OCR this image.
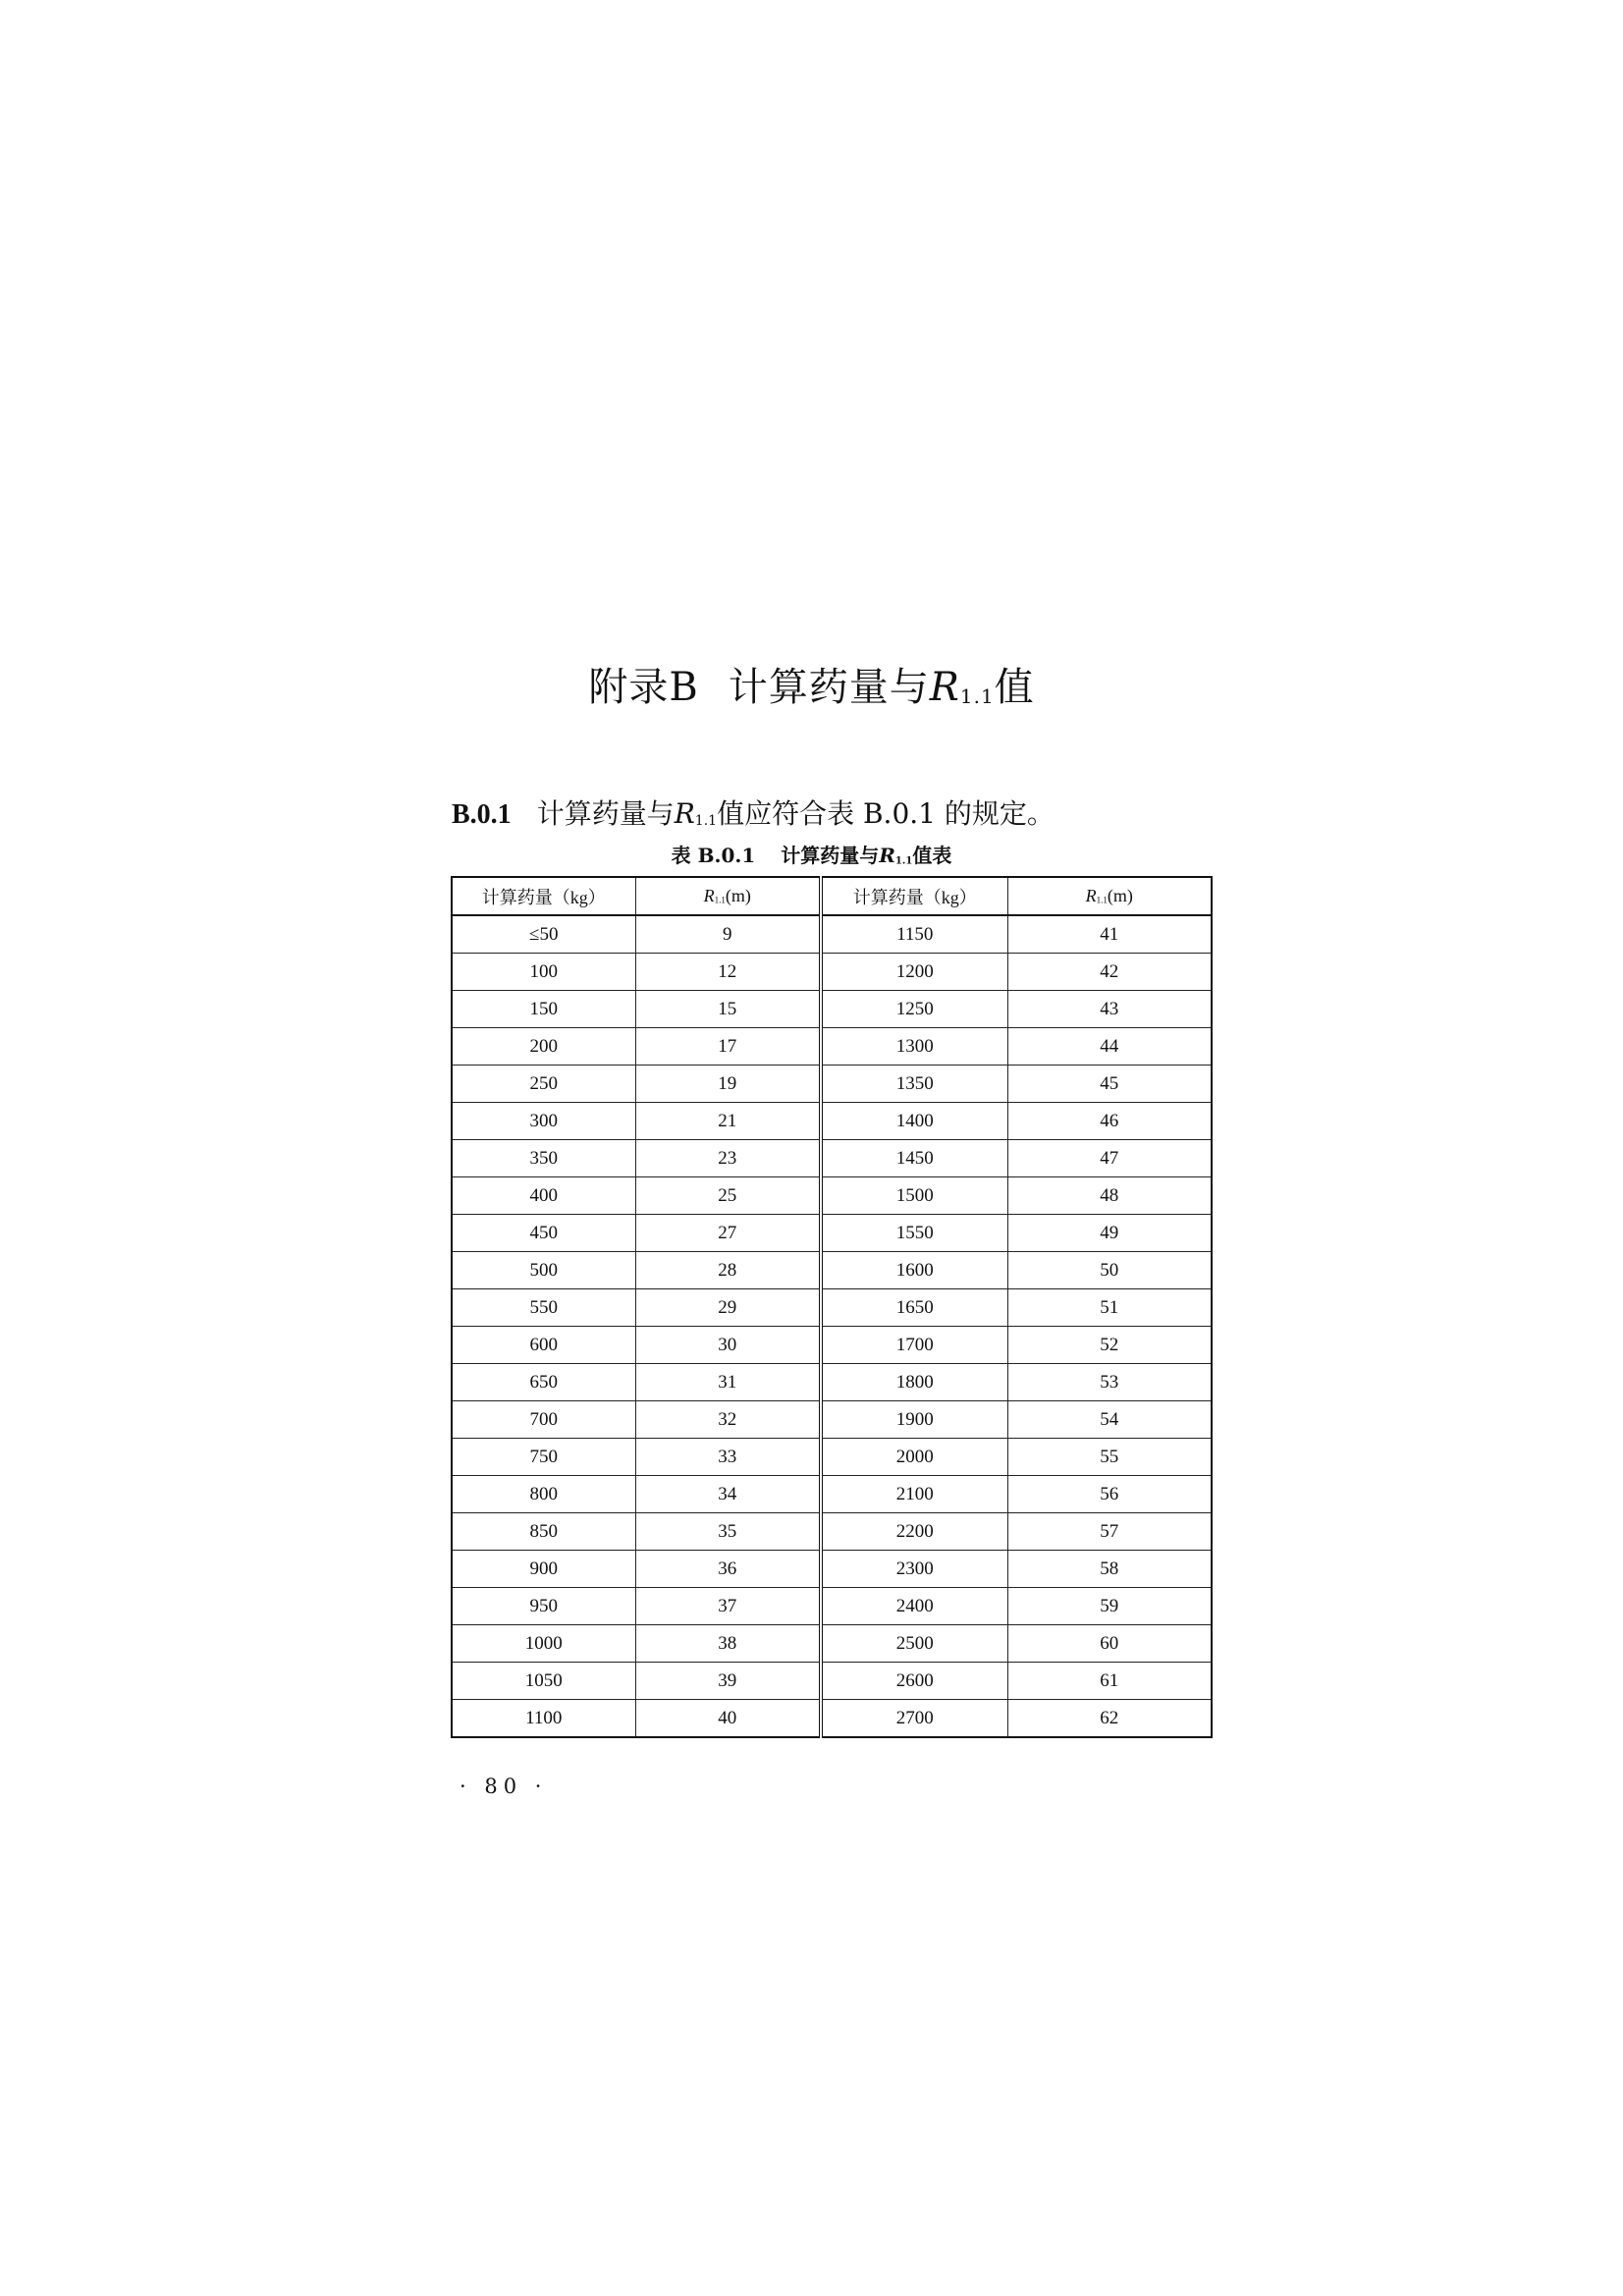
附录B 计算药量与R1.1值
B.0.1 计算药量与R1.1值应符合表 B.0.1 的规定。
表 B.0.1 计算药量与R1.1值表
计算药量（kg）	R1.1(m)	计算药量（kg）	R1.1(m)
≤50	9	1150	41
100	12	1200	42
150	15	1250	43
200	17	1300	44
250	19	1350	45
300	21	1400	46
350	23	1450	47
400	25	1500	48
450	27	1550	49
500	28	1600	50
550	29	1650	51
600	30	1700	52
650	31	1800	53
700	32	1900	54
750	33	2000	55
800	34	2100	56
850	35	2200	57
900	36	2300	58
950	37	2400	59
1000	38	2500	60
1050	39	2600	61
1100	40	2700	62
· 80 ·
